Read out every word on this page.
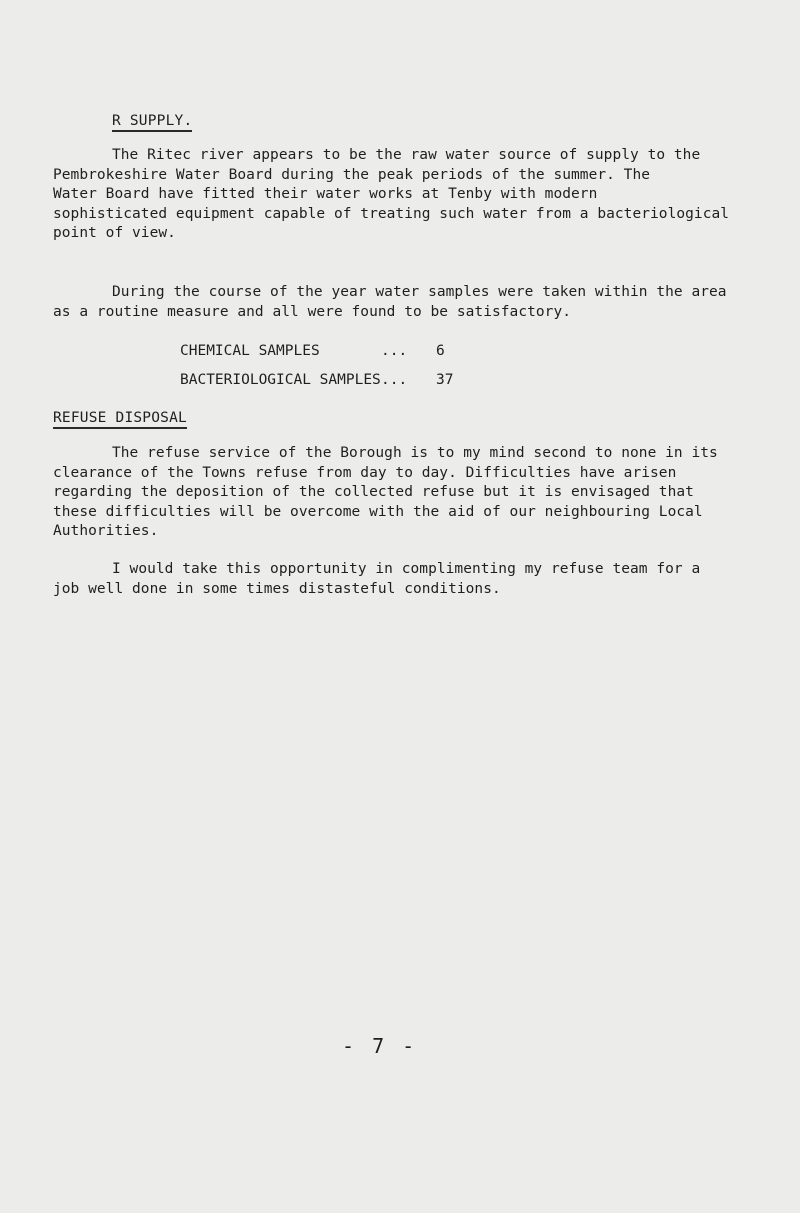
R SUPPLY.

The Ritec river appears to be the raw water source of supply to the
Pembrokeshire Water Board during the peak periods of the summer. The
Water Board have fitted their water works at Tenby with modern
sophisticated equipment capable of treating such water from a bacteriological
point of view.

During the course of the year water samples were taken within the area
as a routine measure and all were found to be satisfactory.

CHEMICAL SAMPLES	... 6
BACTERIOLOGICAL SAMPLES ... 37
REFUSE DISPOSAL

The refuse service of the Borough is to my mind second to none in its
clearance of the Towns refuse from day to day. Difficulties have arisen
regarding the deposition of the collected refuse but it is envisaged that
these difficulties will be overcome with the aid of our neighbouring Local
Authorities.

I would take this opportunity in complimenting my refuse team for a
job well done in some times distasteful conditions.

- 7 -
